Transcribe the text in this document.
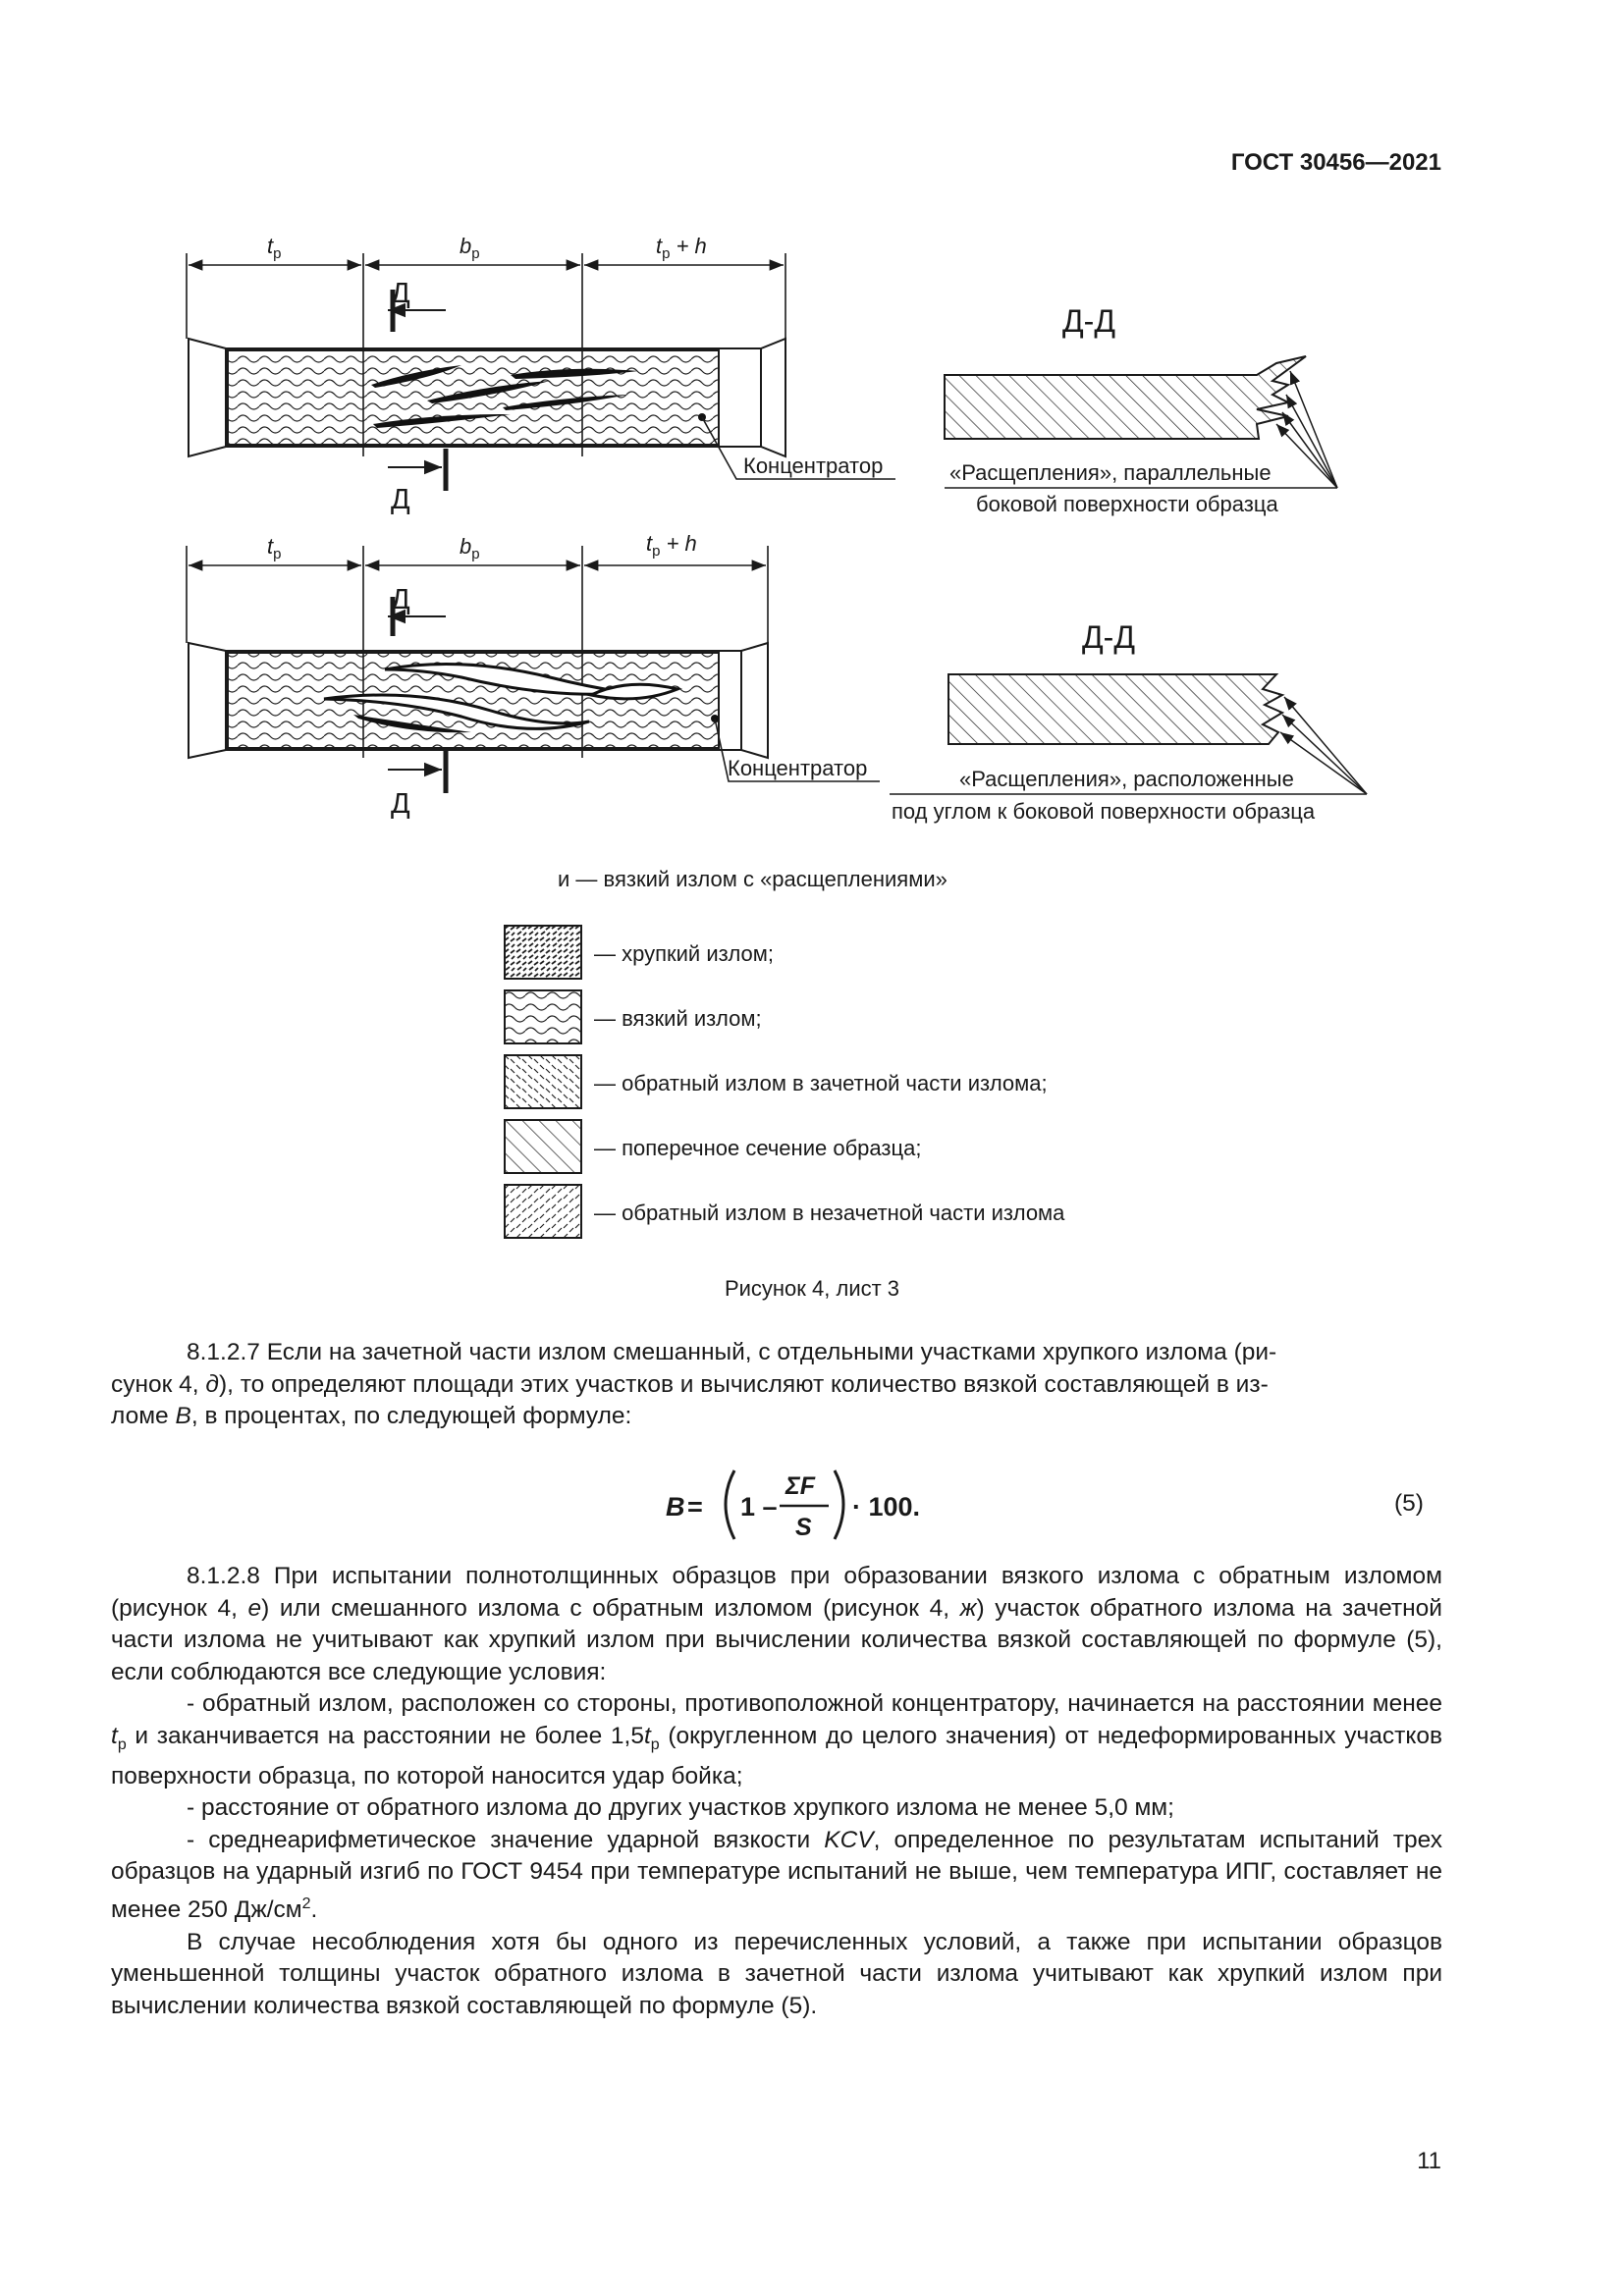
ГОСТ 30456—2021
$t_р$	$b_р$	$t_р + h$
Концентратор
Д
Д
Д-Д
«Расщепления», параллельные
боковой поверхности образца
$t_р$	$b_р$	$t_р + h$
Концентратор
Д
Д
Д-Д
«Расщепления», расположенные
под углом к боковой поверхности образца
и — вязкий излом с «расщеплениями»
— хрупкий излом;
— вязкий излом;
— обратный излом в зачетной части излома;
— поперечное сечение образца;
— обратный излом в незачетной части излома
Рисунок 4, лист 3

8.1.2.7 Если на зачетной части излом смешанный, с отдельными участками хрупкого излома (ри-
сунок 4, д), то определяют площади этих участков и вычисляют количество вязкой составляющей в из-
ломе B, в процентах, по следующей формуле:

B = 1 –
ΣF
S
· 100.	(5)

8.1.2.8 При испытании полнотолщинных образцов при образовании вязкого излома с обратным изломом (рисунок 4, е) или смешанного излома с обратным изломом (рисунок 4, ж) участок обратного излома на зачетной части излома не учитывают как хрупкий излом при вычислении количества вязкой составляющей по формуле (5), если соблюдаются все следующие условия:

- обратный излом, расположен со стороны, противоположной концентратору, начинается на расстоянии менее $t_р$ и заканчивается на расстоянии не более $1,5t_р$ (округленном до целого значения) от недеформированных участков поверхности образца, по которой наносится удар бойка;

- расстояние от обратного излома до других участков хрупкого излома не менее 5,0 мм;

- среднеарифметическое значение ударной вязкости KCV, определенное по результатам испытаний трех образцов на ударный изгиб по ГОСТ 9454 при температуре испытаний не выше, чем температура ИПГ, составляет не менее 250 $Дж/см^2$.

В случае несоблюдения хотя бы одного из перечисленных условий, а также при испытании образцов уменьшенной толщины участок обратного излома в зачетной части излома учитывают как хрупкий излом при вычислении количества вязкой составляющей по формуле (5).

11
